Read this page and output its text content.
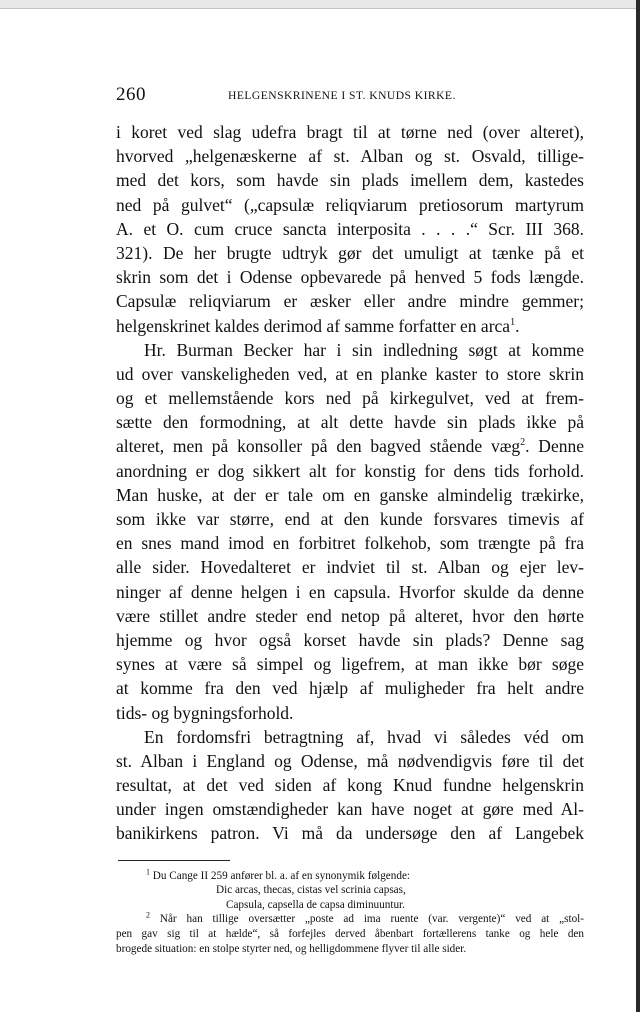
260	HELGENSKRINENE I ST. KNUDS KIRKE.
i koret ved slag udefra bragt til at tørne ned (over alteret),
hvorved „helgenæskerne af st. Alban og st. Osvald, tillige-
med det kors, som havde sin plads imellem dem, kastedes
ned på gulvet“ („capsulæ reliqviarum pretiosorum martyrum
A. et O. cum cruce sancta interposita . . . .“ Scr. III 368.
321). De her brugte udtryk gør det umuligt at tænke på et
skrin som det i Odense opbevarede på henved 5 fods længde.
Capsulæ reliqviarum er æsker eller andre mindre gemmer;
helgenskrinet kaldes derimod af samme forfatter en arca$^1$.
Hr. Burman Becker har i sin indledning søgt at komme
ud over vanskeligheden ved, at en planke kaster to store skrin
og et mellemstående kors ned på kirkegulvet, ved at frem-
sætte den formodning, at alt dette havde sin plads ikke på
alteret, men på konsoller på den bagved stående væg$^2$. Denne
anordning er dog sikkert alt for konstig for dens tids forhold.
Man huske, at der er tale om en ganske almindelig trækirke,
som ikke var større, end at den kunde forsvares timevis af
en snes mand imod en forbitret folkehob, som trængte på fra
alle sider. Hovedalteret er indviet til st. Alban og ejer lev-
ninger af denne helgen i en capsula. Hvorfor skulde da denne
være stillet andre steder end netop på alteret, hvor den hørte
hjemme og hvor også korset havde sin plads? Denne sag
synes at være så simpel og ligefrem, at man ikke bør søge
at komme fra den ved hjælp af muligheder fra helt andre
tids- og bygningsforhold.
En fordomsfri betragtning af, hvad vi således véd om
st. Alban i England og Odense, må nødvendigvis føre til det
resultat, at det ved siden af kong Knud fundne helgenskrin
under ingen omstændigheder kan have noget at gøre med Al-
banikirkens patron. Vi må da undersøge den af Langebek
$^1$ Du Cange II 259 anfører bl. a. af en synonymik følgende:
Dic arcas, thecas, cistas vel scrinia capsas,
Capsula, capsella de capsa diminuuntur.
$^2$ Når han tillige oversætter „poste ad ima ruente (var. vergente)“ ved at „stol-
pen gav sig til at hælde“, så forfejles derved åbenbart fortællerens tanke og hele den
brogede situation: en stolpe styrter ned, og helligdommene flyver til alle sider.
